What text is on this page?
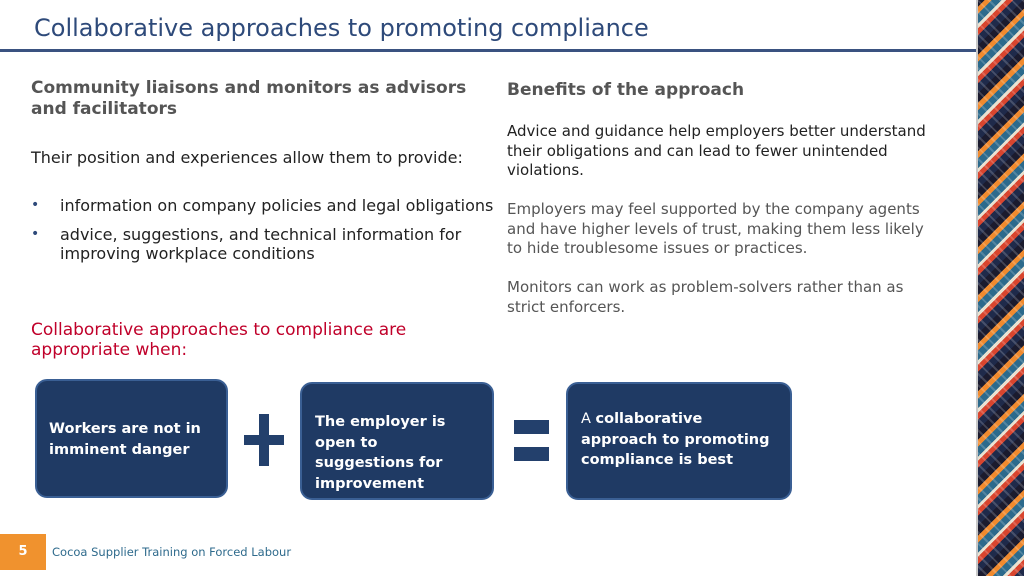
Collaborative approaches to promoting compliance
Community liaisons and monitors as advisors and facilitators
Their position and experiences allow them to provide:
• information on company policies and legal obligations
• advice, suggestions, and technical information for improving workplace conditions
Collaborative approaches to compliance are appropriate when:
Benefits of the approach
Advice and guidance help employers better understand their obligations and can lead to fewer unintended violations.
Employers may feel supported by the company agents and have higher levels of trust, making them less likely to hide troublesome issues or practices.
Monitors can work as problem-solvers rather than as strict enforcers.
Workers are not in imminent danger
The employer is open to suggestions for improvement
A collaborative approach to promoting compliance is best
5	Cocoa Supplier Training on Forced Labour
